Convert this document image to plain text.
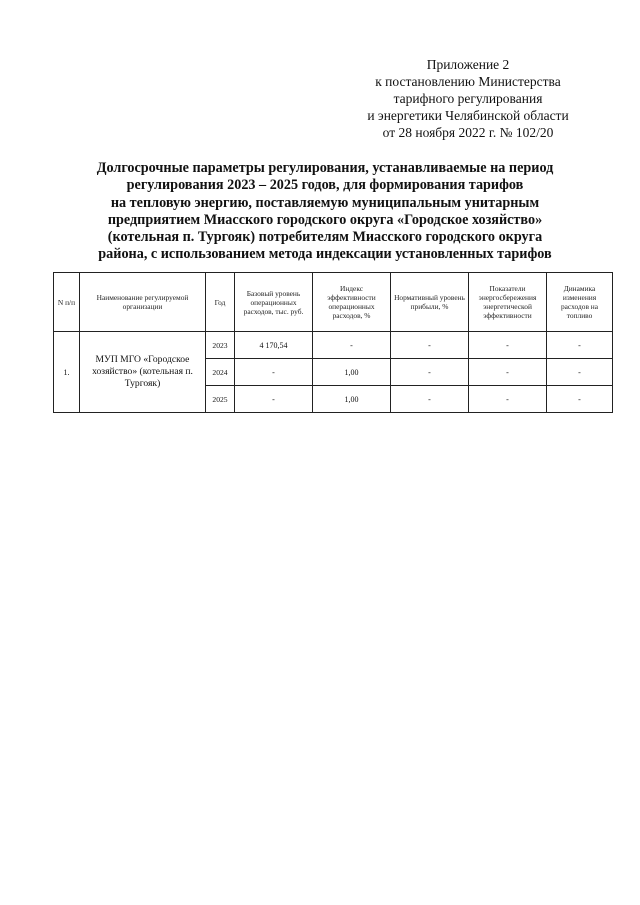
Приложение 2
к постановлению Министерства
тарифного регулирования
и энергетики Челябинской области
от 28 ноября 2022 г. № 102/20
Долгосрочные параметры регулирования, устанавливаемые на период
регулирования 2023 – 2025 годов, для формирования тарифов
на тепловую энергию, поставляемую муниципальным унитарным
предприятием Миасского городского округа «Городское хозяйство»
(котельная п. Тургояк) потребителям Миасского городского округа
района, с использованием метода индексации установленных тарифов
N п/п	Наименование регулируемой организации	Год	Базовый уровень операционных расходов, тыс. руб.	Индекс эффективности операционных расходов, %	Нормативный уровень прибыли, %	Показатели энергосбережения энергетической эффективности	Динамика изменения расходов на топливо
1.	МУП МГО «Городское хозяйство» (котельная п. Тургояк)	2023	4 170,54	-	-	-	-
		2024	-	1,00	-	-	-
		2025	-	1,00	-	-	-
